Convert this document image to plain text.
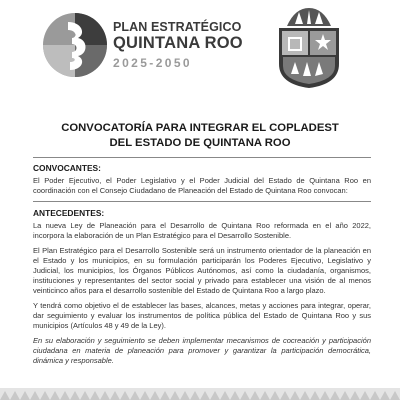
PLAN ESTRATÉGICO
QUINTANA ROO
2025-2050
CONVOCATORÍA PARA INTEGRAR EL COPLADEST
DEL ESTADO DE QUINTANA ROO
CONVOCANTES:

El Poder Ejecutivo, el Poder Legislativo y el Poder Judicial del Estado de Quintana Roo en coordinación con el Consejo Ciudadano de Planeación del Estado de Quintana Roo convocan:

ANTECEDENTES:

La nueva Ley de Planeación para el Desarrollo de Quintana Roo reformada en el año 2022, incorpora la elaboración de un Plan Estratégico para el Desarrollo Sostenible.

El Plan Estratégico para el Desarrollo Sostenible será un instrumento orientador de la planeación en el Estado y los municipios, en su formulación participarán los Poderes Ejecutivo, Legislativo y Judicial, los municipios, los Órganos Públicos Autónomos, así como la ciudadanía, organismos, instituciones y representantes del sector social y privado para establecer una visión de al menos veinticinco años para el desarrollo sostenible del Estado de Quintana Roo a largo plazo.

Y tendrá como objetivo el de establecer las bases, alcances, metas y acciones para integrar, operar, dar seguimiento y evaluar los instrumentos de política pública del Estado de Quintana Roo y sus municipios (Artículos 48 y 49 de la Ley).

En su elaboración y seguimiento se deben implementar mecanismos de cocreación y participación ciudadana en materia de planeación para promover y garantizar la participación democrática, dinámica y responsable.
